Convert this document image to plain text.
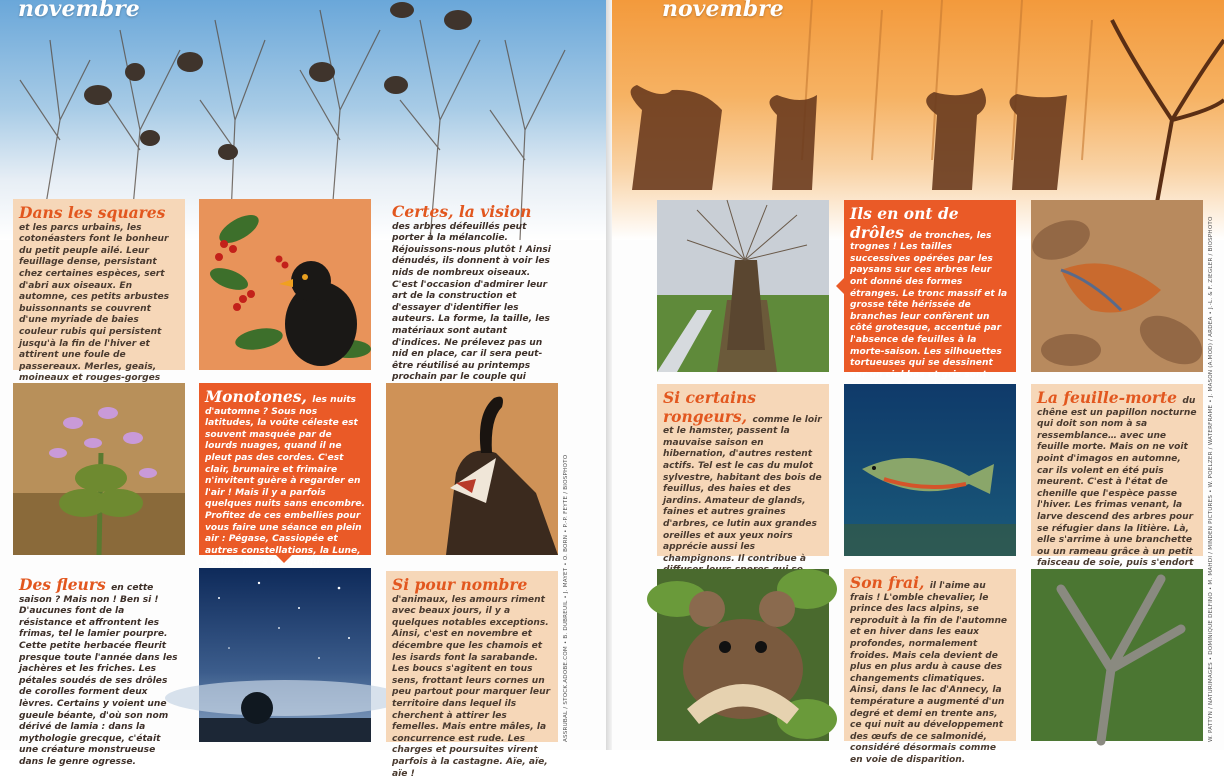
novembre
Dans les squares et les parcs urbains, les cotonéasters font le bonheur du petit peuple ailé. Leur feuillage dense, persistant chez certaines espèces, sert d'abri aux oiseaux. En automne, ces petits arbustes buissonnants se couvrent d'une myriade de baies couleur rubis qui persistent jusqu'à la fin de l'hiver et attirent une foule de passereaux. Merles, geais, moineaux et rouges-gorges
Certes, la vision des arbres défeuillés peut porter à la mélancolie. Réjouissons-nous plutôt ! Ainsi dénudés, ils donnent à voir les nids de nombreux oiseaux. C'est l'occasion d'admirer leur art de la construction et d'essayer d'identifier les auteurs. La forme, la taille, les matériaux sont autant d'indices. Ne prélevez pas un nid en place, car il sera peut-être réutilisé au printemps prochain par le couple qui
Monotones, les nuits d'automne ? Sous nos latitudes, la voûte céleste est souvent masquée par de lourds nuages, quand il ne pleut pas des cordes. C'est clair, brumaire et frimaire n'invitent guère à regarder en l'air ! Mais il y a parfois quelques nuits sans encombre. Profitez de ces embellies pour vous faire une séance en plein air : Pégase, Cassiopée et autres constellations, la Lune, Vénus, Mars et quelques
Des fleurs en cette saison ? Mais non ! Ben si ! D'aucunes font de la résistance et affrontent les frimas, tel le lamier pourpre. Cette petite herbacée fleurit presque toute l'année dans les jachères et les friches. Les pétales soudés de ses drôles de corolles forment deux lèvres. Certains y voient une gueule béante, d'où son nom dérivé de lamia : dans la mythologie grecque, c'était une créature monstrueuse dans le genre ogresse.
Si pour nombre d'animaux, les amours riment avec beaux jours, il y a quelques notables exceptions. Ainsi, c'est en novembre et décembre que les chamois et les isards font la sarabande. Les boucs s'agitent en tous sens, frottant leurs cornes un peu partout pour marquer leur territoire dans lequel ils cherchent à attirer les femelles. Mais entre mâles, la concurrence est rude. Les charges et poursuites virent parfois à la castagne. Aïe, aïe, aïe !
ASSRUBAL / STOCK.ADOBE.COM • B. DUBREUIL • J. MAYET • O. BORN • P.-P. FEYTE / BIOSPHOTO
novembre
Ils en ont de drôles de tronches, les trognes ! Les tailles successives opérées par les paysans sur ces arbres leur ont donné des formes étranges. Le tronc massif et la grosse tête hérissée de branches leur confèrent un côté grotesque, accentué par l'absence de feuilles à la morte-saison. Les silhouettes tortueuses qui se dessinent sur un ciel bas et gris sont
Si certains rongeurs, comme le loir et le hamster, passent la mauvaise saison en hibernation, d'autres restent actifs. Tel est le cas du mulot sylvestre, habitant des bois de feuillus, des haies et des jardins. Amateur de glands, faines et autres graines d'arbres, ce lutin aux grandes oreilles et aux yeux noirs apprécie aussi les champignons. Il contribue à
La feuille-morte du chêne est un papillon nocturne qui doit son nom à sa ressemblance… avec une feuille morte. Mais on ne voit point d'imagos en automne, car ils volent en été puis meurent. C'est à l'état de chenille que l'espèce passe l'hiver. Les frimas venant, la larve descend des arbres pour se réfugier dans la litière. Là, elle s'arrime à une branchette ou un rameau grâce à un petit faisceau de soie, puis s'endort
Son frai, il l'aime au frais ! L'omble chevalier, le prince des lacs alpins, se reproduit à la fin de l'automne et en hiver dans les eaux profondes, normalement froides. Mais cela devient de plus en plus ardu à cause des changements climatiques. Ainsi, dans le lac d'Annecy, la température a augmenté d'un degré et demi en trente ans, ce qui nuit au développement des œufs de ce salmonidé, considéré désormais comme en voie de disparition.
W. PATTYN / NATURIMAGES • DOMINIQUE DELFINO • M. MAHDI / MINDEN PICTURES • W. POELZER / WATERFRAME • J. MASON (A.MOD) / ARDEA • J.-L. & F. ZIEGLER / BIOSPHOTO
